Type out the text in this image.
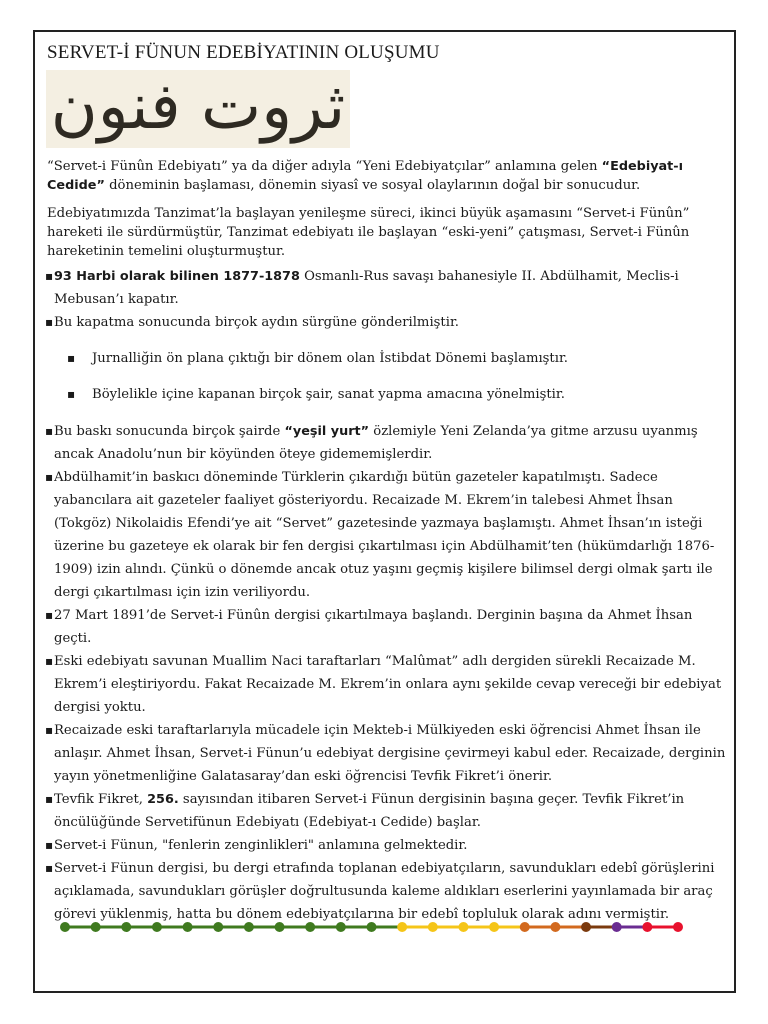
SERVET-İ FÜNUN EDEBİYATININ OLUŞUMU
ثروت فنون

“Servet-i Fünûn Edebiyatı” ya da diğer adıyla “Yeni Edebiyatçılar” anlamına gelen “Edebiyat-ı Cedide” döneminin başlaması, dönemin siyasî ve sosyal olaylarının doğal bir sonucudur.

Edebiyatımızda Tanzimat’la başlayan yenileşme süreci, ikinci büyük aşamasını “Servet-i Fünûn” hareketi ile sürdürmüştür, Tanzimat edebiyatı ile başlayan “eski-yeni” çatışması, Servet-i Fünûn hareketinin temelini oluşturmuştur.

▪ 93 Harbi olarak bilinen 1877-1878 Osmanlı-Rus savaşı bahanesiyle II. Abdülhamit, Meclis-i Mebusan’ı kapatır.

▪ Bu kapatma sonucunda birçok aydın sürgüne gönderilmiştir.

▪ Jurnalliğin ön plana çıktığı bir dönem olan İstibdat Dönemi başlamıştır.

▪ Böylelikle içine kapanan birçok şair, sanat yapma amacına yönelmiştir.

▪ Bu baskı sonucunda birçok şairde “yeşil yurt” özlemiyle Yeni Zelanda’ya gitme arzusu uyanmış ancak Anadolu’nun bir köyünden öteye gidememişlerdir.

▪ Abdülhamit’in baskıcı döneminde Türklerin çıkardığı bütün gazeteler kapatılmıştı. Sadece yabancılara ait gazeteler faaliyet gösteriyordu. Recaizade M. Ekrem’in talebesi Ahmet İhsan (Tokgöz) Nikolaidis Efendi’ye ait “Servet” gazetesinde yazmaya başlamıştı. Ahmet İhsan’ın isteği üzerine bu gazeteye ek olarak bir fen dergisi çıkartılması için Abdülhamit’ten (hükümdarlığı 1876- 1909) izin alındı. Çünkü o dönemde ancak otuz yaşını geçmiş kişilere bilimsel dergi olmak şartı ile dergi çıkartılması için izin veriliyordu.

▪ 27 Mart 1891’de Servet-i Fünûn dergisi çıkartılmaya başlandı. Derginin başına da Ahmet İhsan geçti.

▪ Eski edebiyatı savunan Muallim Naci taraftarları “Malûmat” adlı dergiden sürekli Recaizade M. Ekrem’i eleştiriyordu. Fakat Recaizade M. Ekrem’in onlara aynı şekilde cevap vereceği bir edebiyat dergisi yoktu.

▪ Recaizade eski taraftarlarıyla mücadele için Mekteb-i Mülkiyeden eski öğrencisi Ahmet İhsan ile anlaşır. Ahmet İhsan, Servet-i Fünun’u edebiyat dergisine çevirmeyi kabul eder. Recaizade, derginin yayın yönetmenliğine Galatasaray’dan eski öğrencisi Tevfik Fikret’i önerir.

▪ Tevfik Fikret, 256. sayısından itibaren Servet-i Fünun dergisinin başına geçer. Tevfik Fikret’in öncülüğünde Servetifünun Edebiyatı (Edebiyat-ı Cedide) başlar.

▪ Servet-i Fünun, "fenlerin zenginlikleri" anlamına gelmektedir.

▪ Servet-i Fünun dergisi, bu dergi etrafında toplanan edebiyatçıların, savundukları edebî görüşlerini açıklamada, savundukları görüşler doğrultusunda kaleme aldıkları eserlerini yayınlamada bir araç görevi yüklenmiş, hatta bu dönem edebiyatçılarına bir edebî topluluk olarak adını vermiştir.
